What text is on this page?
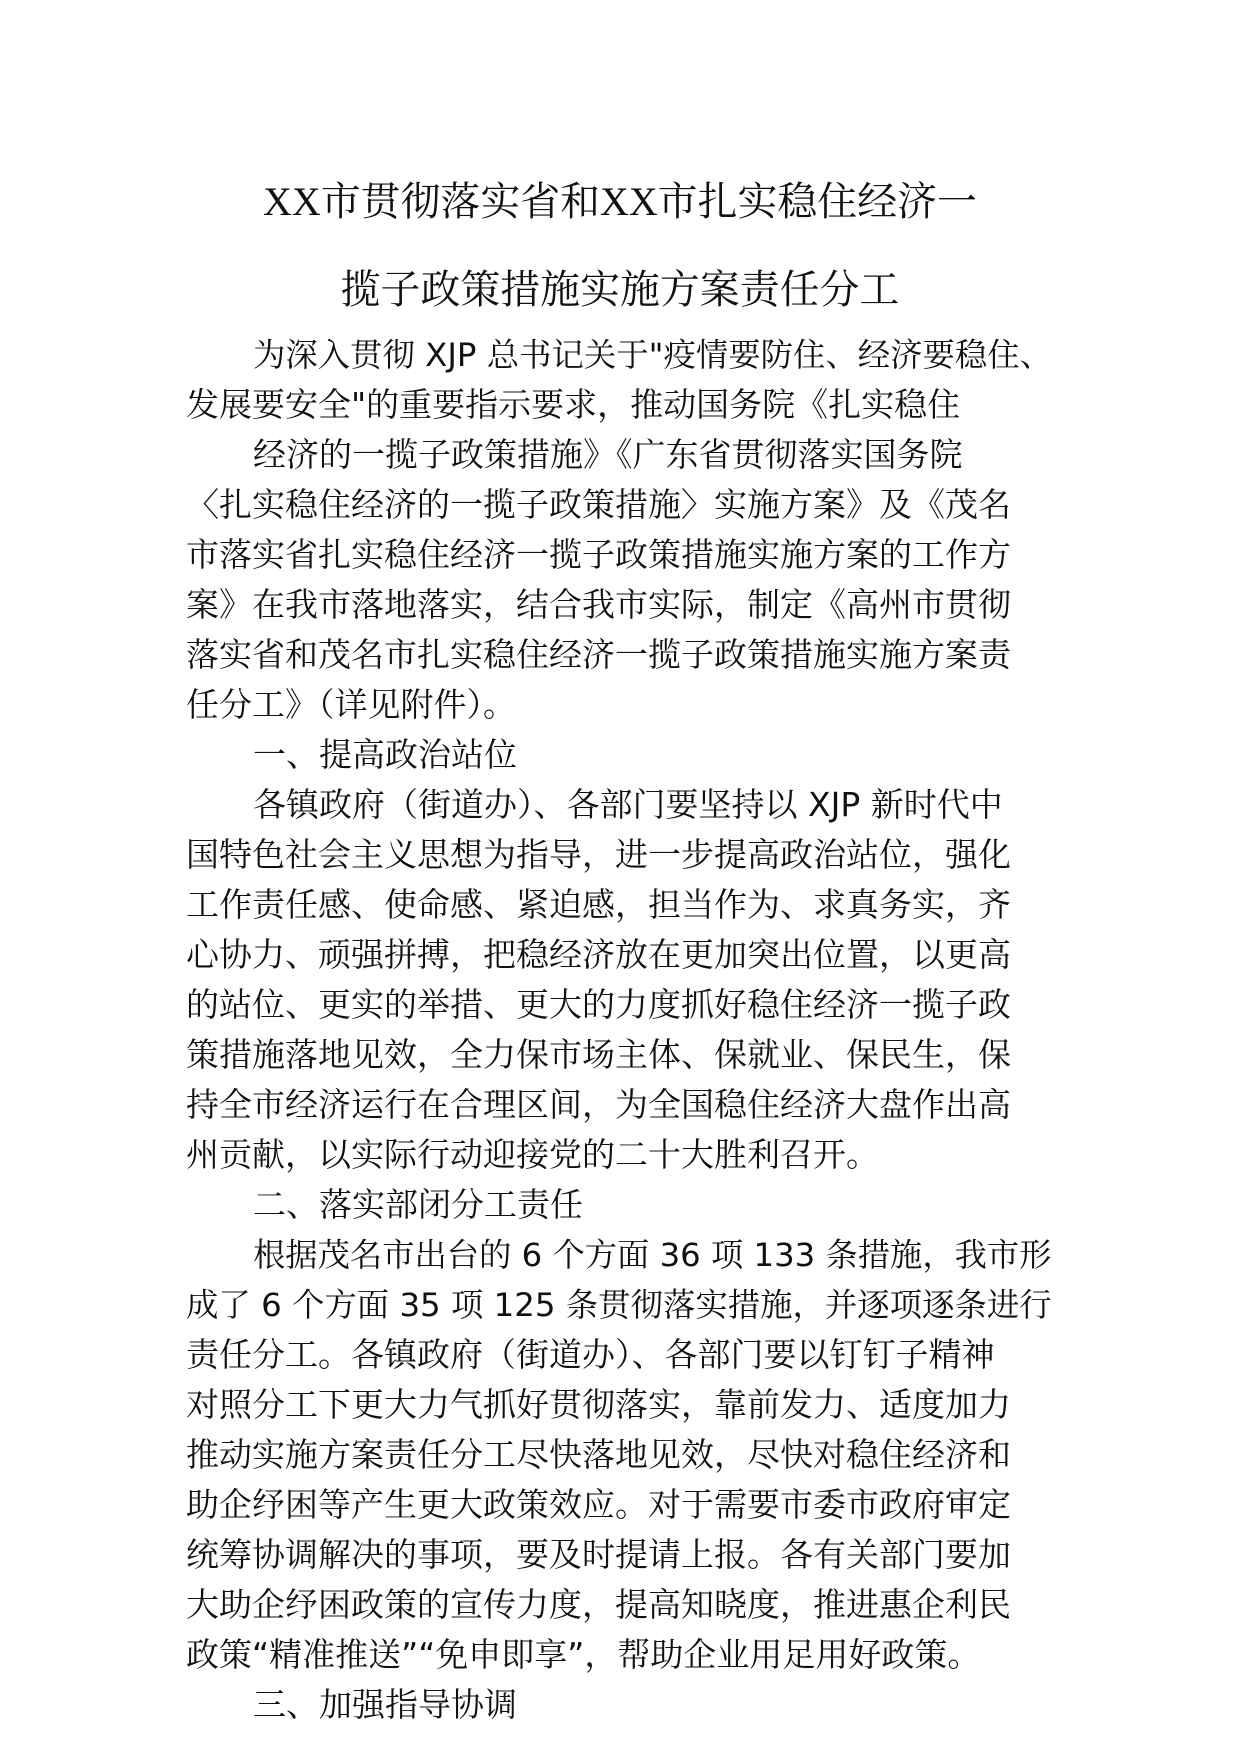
XX市贯彻落实省和XX市扎实稳住经济一
揽子政策措施实施方案责任分工
为深入贯彻 XJP 总书记关于"疫情要防住、经济要稳住、
发展要安全"的重要指示要求，推动国务院《扎实稳住
经济的一揽子政策措施》《广东省贯彻落实国务院
〈扎实稳住经济的一揽子政策措施〉实施方案》及《茂名
市落实省扎实稳住经济一揽子政策措施实施方案的工作方
案》在我市落地落实，结合我市实际，制定《高州市贯彻
落实省和茂名市扎实稳住经济一揽子政策措施实施方案责
任分工》（详见附件）。
一、提高政治站位
各镇政府（街道办）、各部门要坚持以 XJP 新时代中
国特色社会主义思想为指导，进一步提高政治站位，强化
工作责任感、使命感、紧迫感，担当作为、求真务实，齐
心协力、顽强拼搏，把稳经济放在更加突出位置，以更高
的站位、更实的举措、更大的力度抓好稳住经济一揽子政
策措施落地见效，全力保市场主体、保就业、保民生，保
持全市经济运行在合理区间，为全国稳住经济大盘作出高
州贡献，以实际行动迎接党的二十大胜利召开。
二、落实部闭分工责任
根据茂名市出台的 6 个方面 36 项 133 条措施，我市形
成了 6 个方面 35 项 125 条贯彻落实措施，并逐项逐条进行
责任分工。各镇政府（街道办）、各部门要以钉钉子精神
对照分工下更大力气抓好贯彻落实，靠前发力、适度加力
推动实施方案责任分工尽快落地见效，尽快对稳住经济和
助企纾困等产生更大政策效应。对于需要市委市政府审定
统筹协调解决的事项，要及时提请上报。各有关部门要加
大助企纾困政策的宣传力度，提高知晓度，推进惠企利民
政策“精准推送”“免申即享”，帮助企业用足用好政策。
三、加强指导协调
